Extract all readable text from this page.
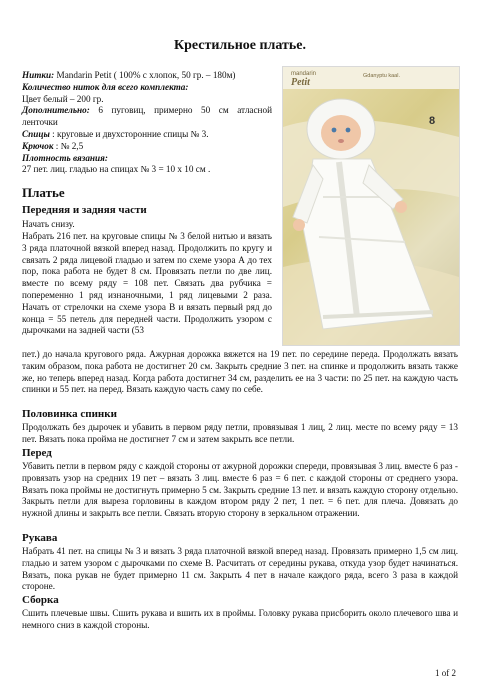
Крестильное платье.

Нитки: Mandarin Petit ( 100% с хлопок, 50 гр. – 180м)

Количество ниток для всего комплекта:

Цвет белый – 200 гр.

Дополнительно: 6 пуговиц, примерно 50 см атласной ленточки

Спицы : круговые и двухсторонние спицы № 3.

Крючок : № 2,5

Плотность вязания:

27 пет. лиц. гладью на спицах № 3 = 10 х 10 см .

mandarin
Petit
Gdanyptu kaal.
8
Платье
Передняя и задняя части

Начать снизу.

Набрать 216 пет. на круговые спицы № 3 белой нитью и вязать 3 ряда платочной вязкой вперед назад. Продолжить по кругу и связать 2 ряда лицевой гладью и затем по схеме узора А до тех пор, пока работа не будет 8 см. Провязать петли по две лиц. вместе по всему ряду = 108 пет. Связать два рубчика = попеременно 1 ряд изнаночными, 1 ряд лицевыми 2 раза. Начать от стрелочки на схеме узора В и вязать первый ряд до конца = 55 петель для передней части. Продолжить узором с дырочками на задней части (53

пет.) до начала кругового ряда. Ажурная дорожка вяжется на 19 пет. по середине переда. Продолжать вязать таким образом, пока работа не достигнет 20 см. Закрыть средние 3 пет. на спинке и продолжить вязать также же, но теперь вперед назад. Когда работа достигнет 34 см, разделить ее на 3 части: по 25 пет. на каждую часть спинки и 55 пет. на перед. Вязать каждую часть саму по себе.

Половинка спинки

Продолжать без дырочек и убавить в первом ряду петли, провязывая 1 лиц, 2 лиц. месте по всему ряду = 13 пет. Вязать пока пройма не достигнет 7 см и затем закрыть все петли.

Перед

Убавить петли в первом ряду с каждой стороны от ажурной дорожки спереди, провязывая 3 лиц. вместе 6 раз - провязать узор на средних 19 пет – вязать 3 лиц. вместе 6 раз = 6 пет. с каждой стороны от среднего узора. Вязать пока проймы не достигнуть примерно 5 см. Закрыть средние 13 пет. и вязать каждую сторону отдельно. Закрыть петли для выреза горловины в каждом втором ряду 2 пет, 1 пет. = 6 пет. для плеча. Довязать до нужной длины и закрыть все петли. Связать вторую сторону в зеркальном отражении.

Рукава

Набрать 41 пет. на спицы № 3 и вязать 3 ряда платочной вязкой вперед назад. Провязать примерно 1,5 см лиц. гладью и затем узором с дырочками по схеме В. Расчитать от середины рукава, откуда узор будет начинаться. Вязать, пока рукав не будет примерно 11 см. Закрыть 4 пет в начале каждого ряда, всего 3 раза в каждой стороне.

Сборка

Сшить плечевые швы. Сшить рукава и вшить их в проймы. Головку рукава присборить около плечевого шва и немного сниз в каждой стороны.

1 of 2
